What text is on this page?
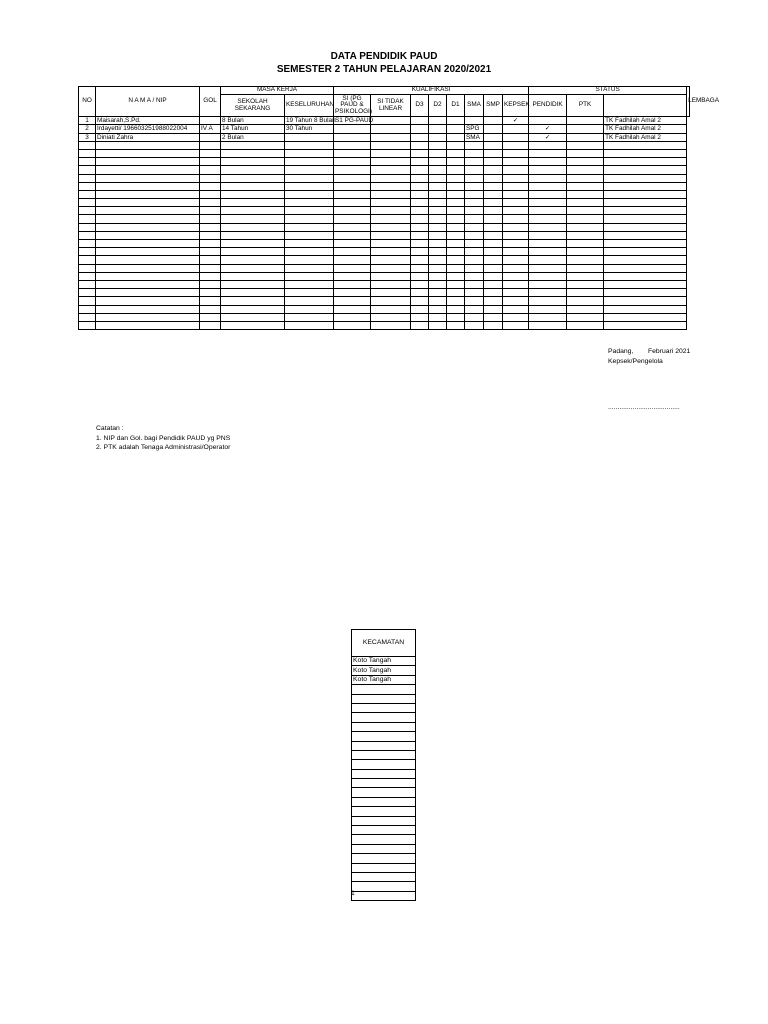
DATA PENDIDIK PAUD
SEMESTER 2 TAHUN PELAJARAN 2020/2021
NO	N A M A / NIP	GOL	MASA KERJA		KUALIFIKASI								STATUS			LEMBAGA
			SEKOLAH SEKARANG	KESELURUHAN	SI (PG PAUD & PSIKOLOGI)	SI TIDAK LINEAR	D3	D2	D1	SMA	SMP	KEPSEK	PENDIDIK	PTK		
1	Maisarah,S.Pd.		8 Bulan	19 Tahun 8 Bulan	S1 PG-PAUD							✓			TK Fadhilah Amal 2	
2	Irdayetti/ 196603251988022004	IV A	14 Tahun	30 Tahun						SPG			✓		TK Fadhilah Amal 2	
3	Diniati Zahra		2 Bulan							SMA			✓		TK Fadhilah Amal 2	

Padang, Februari 2021
Kepsek/Pengelola
......................................
Catatan :
1. NIP dan Gol. bagi Pendidik PAUD yg PNS
2. PTK adalah Tenaga Administrasi/Operator
KECAMATAN
Koto Tangah
Koto Tangah
Koto Tangah

1
